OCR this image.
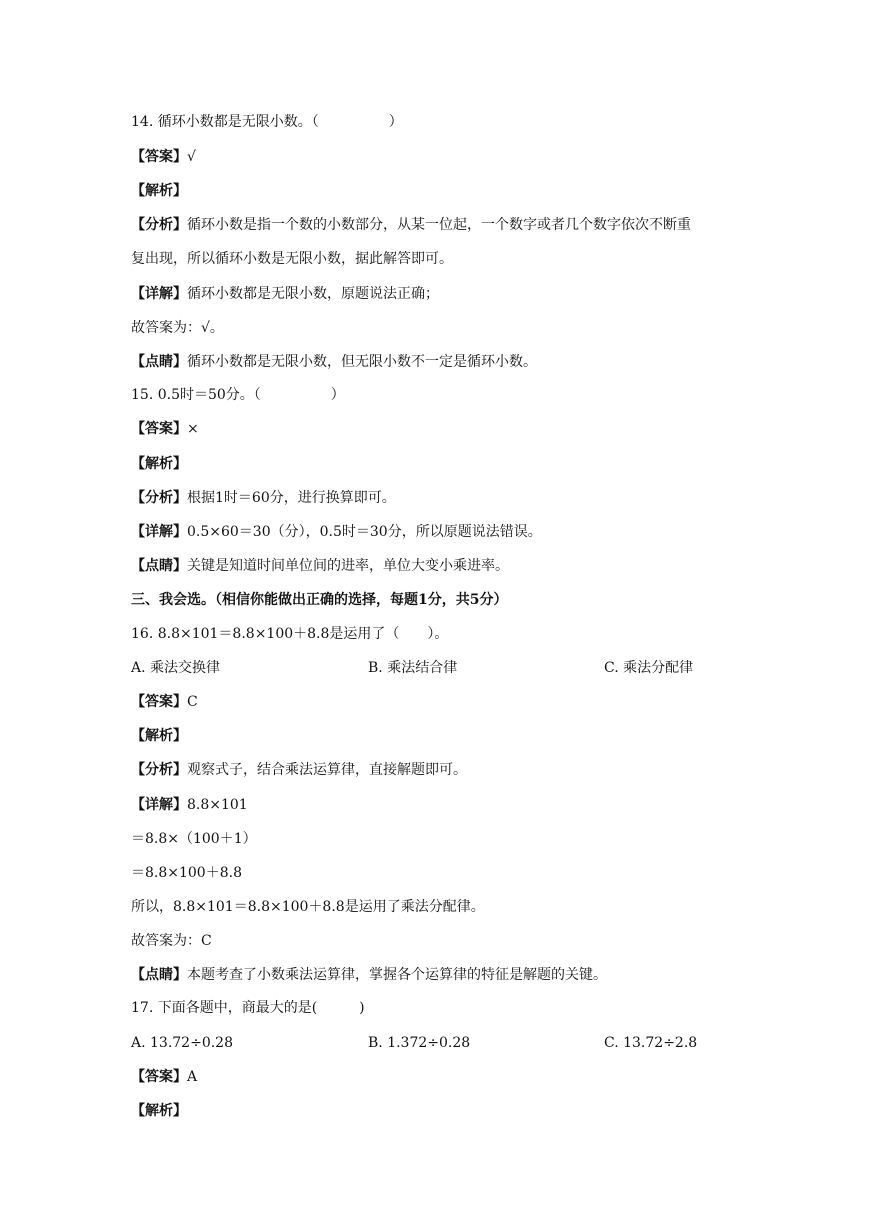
14. 循环小数都是无限小数。（　　　　　）
【答案】√
【解析】
【分析】循环小数是指一个数的小数部分，从某一位起，一个数字或者几个数字依次不断重
复出现，所以循环小数是无限小数，据此解答即可。
【详解】循环小数都是无限小数，原题说法正确；
故答案为：√。
【点睛】循环小数都是无限小数，但无限小数不一定是循环小数。
15. 0.5时＝50分。（　　　　　）
【答案】×
【解析】
【分析】根据1时＝60分，进行换算即可。
【详解】0.5×60＝30（分），0.5时＝30分，所以原题说法错误。
【点睛】关键是知道时间单位间的进率，单位大变小乘进率。
三、我会选。（相信你能做出正确的选择，每题1分，共5分）
16. 8.8×101＝8.8×100＋8.8是运用了（　　）。
A. 乘法交换律	B. 乘法结合律	C. 乘法分配律
【答案】C
【解析】
【分析】观察式子，结合乘法运算律，直接解题即可。
【详解】8.8×101
＝8.8×（100＋1）
＝8.8×100＋8.8
所以，8.8×101＝8.8×100＋8.8是运用了乘法分配律。
故答案为：C
【点睛】本题考查了小数乘法运算律，掌握各个运算律的特征是解题的关键。
17. 下面各题中，商最大的是(　　　)
A. 13.72÷0.28	B. 1.372÷0.28	C. 13.72÷2.8
【答案】A
【解析】
